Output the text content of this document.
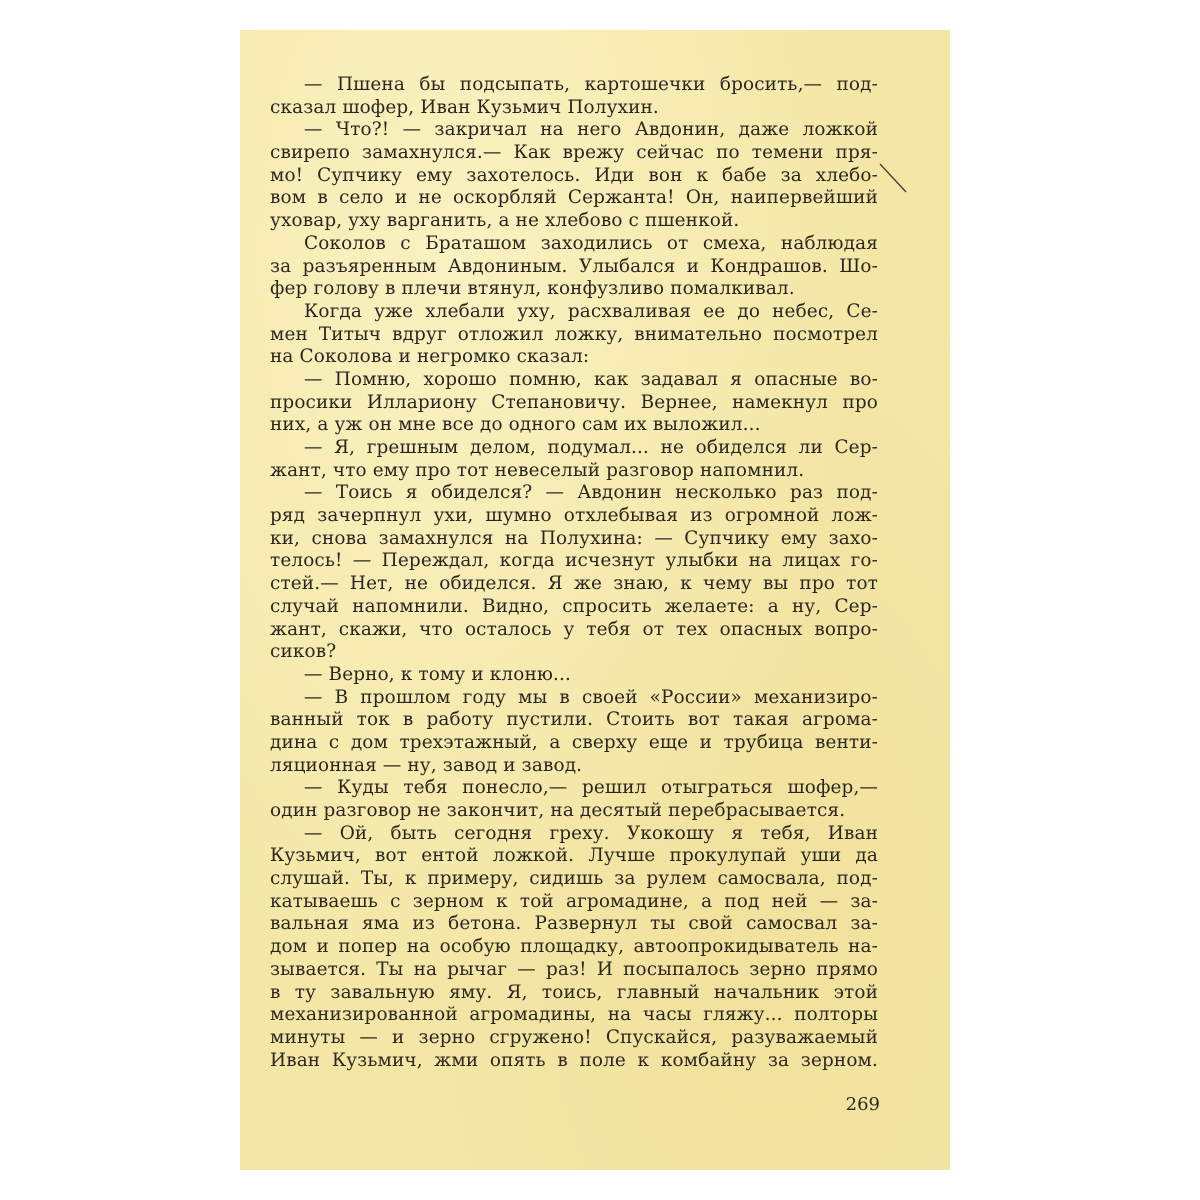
— Пшена бы подсыпать, картошечки бросить,— под-
сказал шофер, Иван Кузьмич Полухин.
— Что?! — закричал на него Авдонин, даже ложкой
свирепо замахнулся.— Как врежу сейчас по темени пря-
мо! Супчику ему захотелось. Иди вон к бабе за хлебо-
вом в село и не оскорбляй Сержанта! Он, наипервейший
уховар, уху варганить, а не хлебово с пшенкой.
Соколов с Браташом заходились от смеха, наблюдая
за разъяренным Авдониным. Улыбался и Кондрашов. Шо-
фер голову в плечи втянул, конфузливо помалкивал.
Когда уже хлебали уху, расхваливая ее до небес, Се-
мен Титыч вдруг отложил ложку, внимательно посмотрел
на Соколова и негромко сказал:
— Помню, хорошо помню, как задавал я опасные во-
просики Иллариону Степановичу. Вернее, намекнул про
них, а уж он мне все до одного сам их выложил...
— Я, грешным делом, подумал... не обиделся ли Сер-
жант, что ему про тот невеселый разговор напомнил.
— Тоись я обиделся? — Авдонин несколько раз под-
ряд зачерпнул ухи, шумно отхлебывая из огромной лож-
ки, снова замахнулся на Полухина: — Супчику ему захо-
телось! — Переждал, когда исчезнут улыбки на лицах го-
стей.— Нет, не обиделся. Я же знаю, к чему вы про тот
случай напомнили. Видно, спросить желаете: а ну, Сер-
жант, скажи, что осталось у тебя от тех опасных вопро-
сиков?
— Верно, к тому и клоню...
— В прошлом году мы в своей «России» механизиро-
ванный ток в работу пустили. Стоить вот такая агрома-
дина с дом трехэтажный, а сверху еще и трубица венти-
ляционная — ну, завод и завод.
— Куды тебя понесло,— решил отыграться шофер,—
один разговор не закончит, на десятый перебрасывается.
— Ой, быть сегодня греху. Укокошу я тебя, Иван
Кузьмич, вот ентой ложкой. Лучше прокулупай уши да
слушай. Ты, к примеру, сидишь за рулем самосвала, под-
катываешь с зерном к той агромадине, а под ней — за-
вальная яма из бетона. Развернул ты свой самосвал за-
дом и попер на особую площадку, автоопрокидыватель на-
зывается. Ты на рычаг — раз! И посыпалось зерно прямо
в ту завальную яму. Я, тоись, главный начальник этой
механизированной агромадины, на часы гляжу... полторы
минуты — и зерно сгружено! Спускайся, разуважаемый
Иван Кузьмич, жми опять в поле к комбайну за зерном.
269
